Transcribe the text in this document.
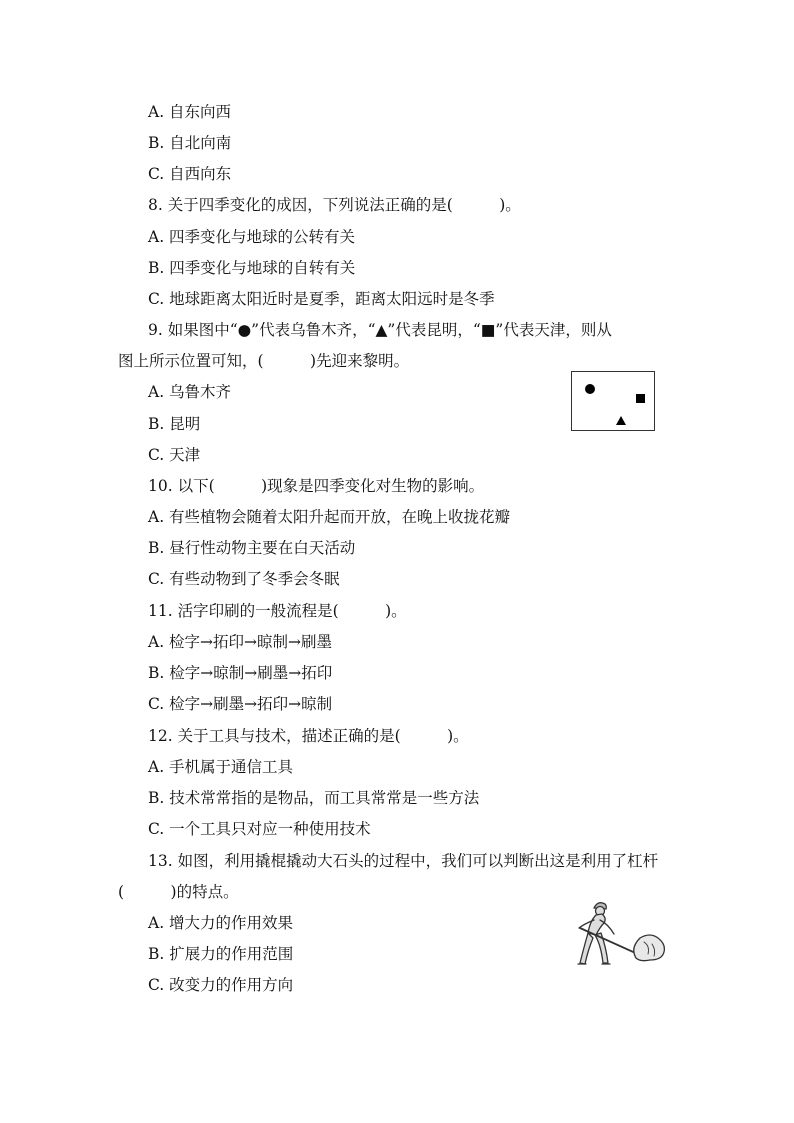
A. 自东向西
B. 自北向南
C. 自西向东
8. 关于四季变化的成因，下列说法正确的是(　　　)。
A. 四季变化与地球的公转有关
B. 四季变化与地球的自转有关
C. 地球距离太阳近时是夏季，距离太阳远时是冬季
9. 如果图中“●”代表乌鲁木齐，“▲”代表昆明，“■”代表天津，则从
图上所示位置可知，(　　　)先迎来黎明。
A. 乌鲁木齐
B. 昆明
C. 天津
10. 以下(　　　)现象是四季变化对生物的影响。
A. 有些植物会随着太阳升起而开放，在晚上收拢花瓣
B. 昼行性动物主要在白天活动
C. 有些动物到了冬季会冬眠
11. 活字印刷的一般流程是(　　　)。
A. 检字→拓印→晾制→刷墨
B. 检字→晾制→刷墨→拓印
C. 检字→刷墨→拓印→晾制
12. 关于工具与技术，描述正确的是(　　　)。
A. 手机属于通信工具
B. 技术常常指的是物品，而工具常常是一些方法
C. 一个工具只对应一种使用技术
13. 如图，利用撬棍撬动大石头的过程中，我们可以判断出这是利用了杠杆
(　　　)的特点。
A. 增大力的作用效果
B. 扩展力的作用范围
C. 改变力的作用方向
